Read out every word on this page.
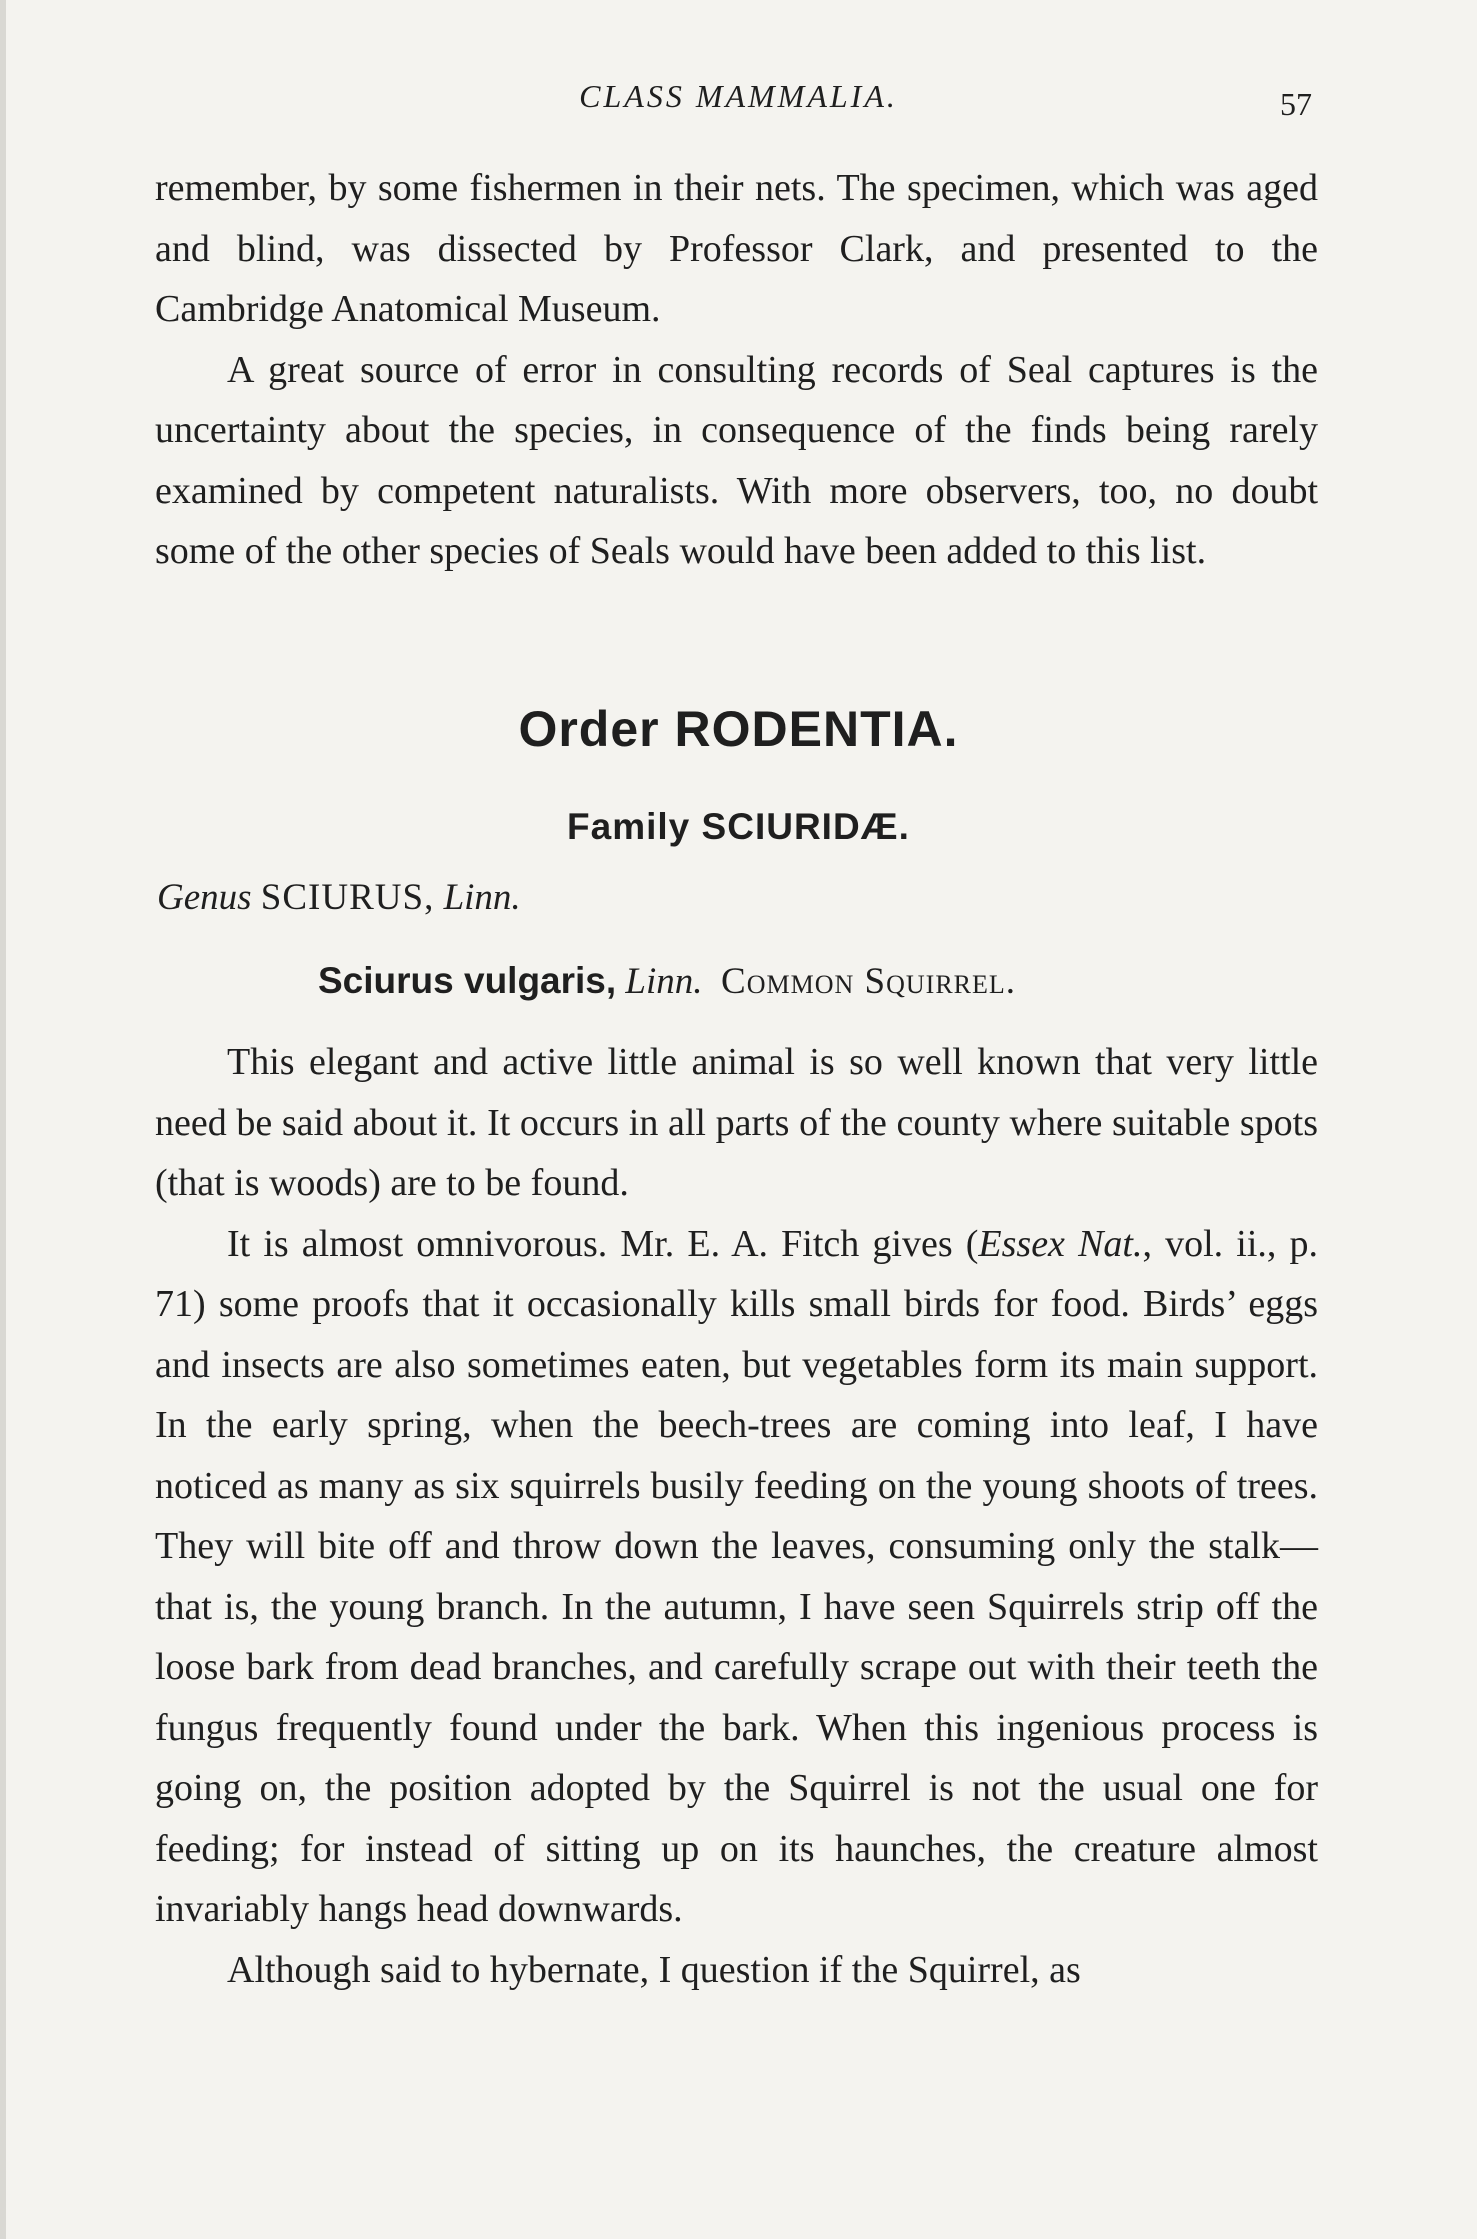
CLASS MAMMALIA.	57

remember, by some fishermen in their nets. The specimen, which was aged and blind, was dissected by Professor Clark, and presented to the Cambridge Anatomical Museum.

A great source of error in consulting records of Seal captures is the uncertainty about the species, in consequence of the finds being rarely examined by competent naturalists. With more observers, too, no doubt some of the other species of Seals would have been added to this list.

Order RODENTIA.
Family SCIURIDÆ.
Genus SCIURUS, Linn.
Sciurus vulgaris, Linn. Common Squirrel.

This elegant and active little animal is so well known that very little need be said about it. It occurs in all parts of the county where suitable spots (that is woods) are to be found.

It is almost omnivorous. Mr. E. A. Fitch gives (Essex Nat., vol. ii., p. 71) some proofs that it occasionally kills small birds for food. Birds’ eggs and insects are also sometimes eaten, but vegetables form its main support. In the early spring, when the beech-trees are coming into leaf, I have noticed as many as six squirrels busily feeding on the young shoots of trees. They will bite off and throw down the leaves, consuming only the stalk—that is, the young branch. In the autumn, I have seen Squirrels strip off the loose bark from dead branches, and carefully scrape out with their teeth the fungus frequently found under the bark. When this ingenious process is going on, the position adopted by the Squirrel is not the usual one for feeding; for instead of sitting up on its haunches, the creature almost invariably hangs head downwards.

Although said to hybernate, I question if the Squirrel, as
